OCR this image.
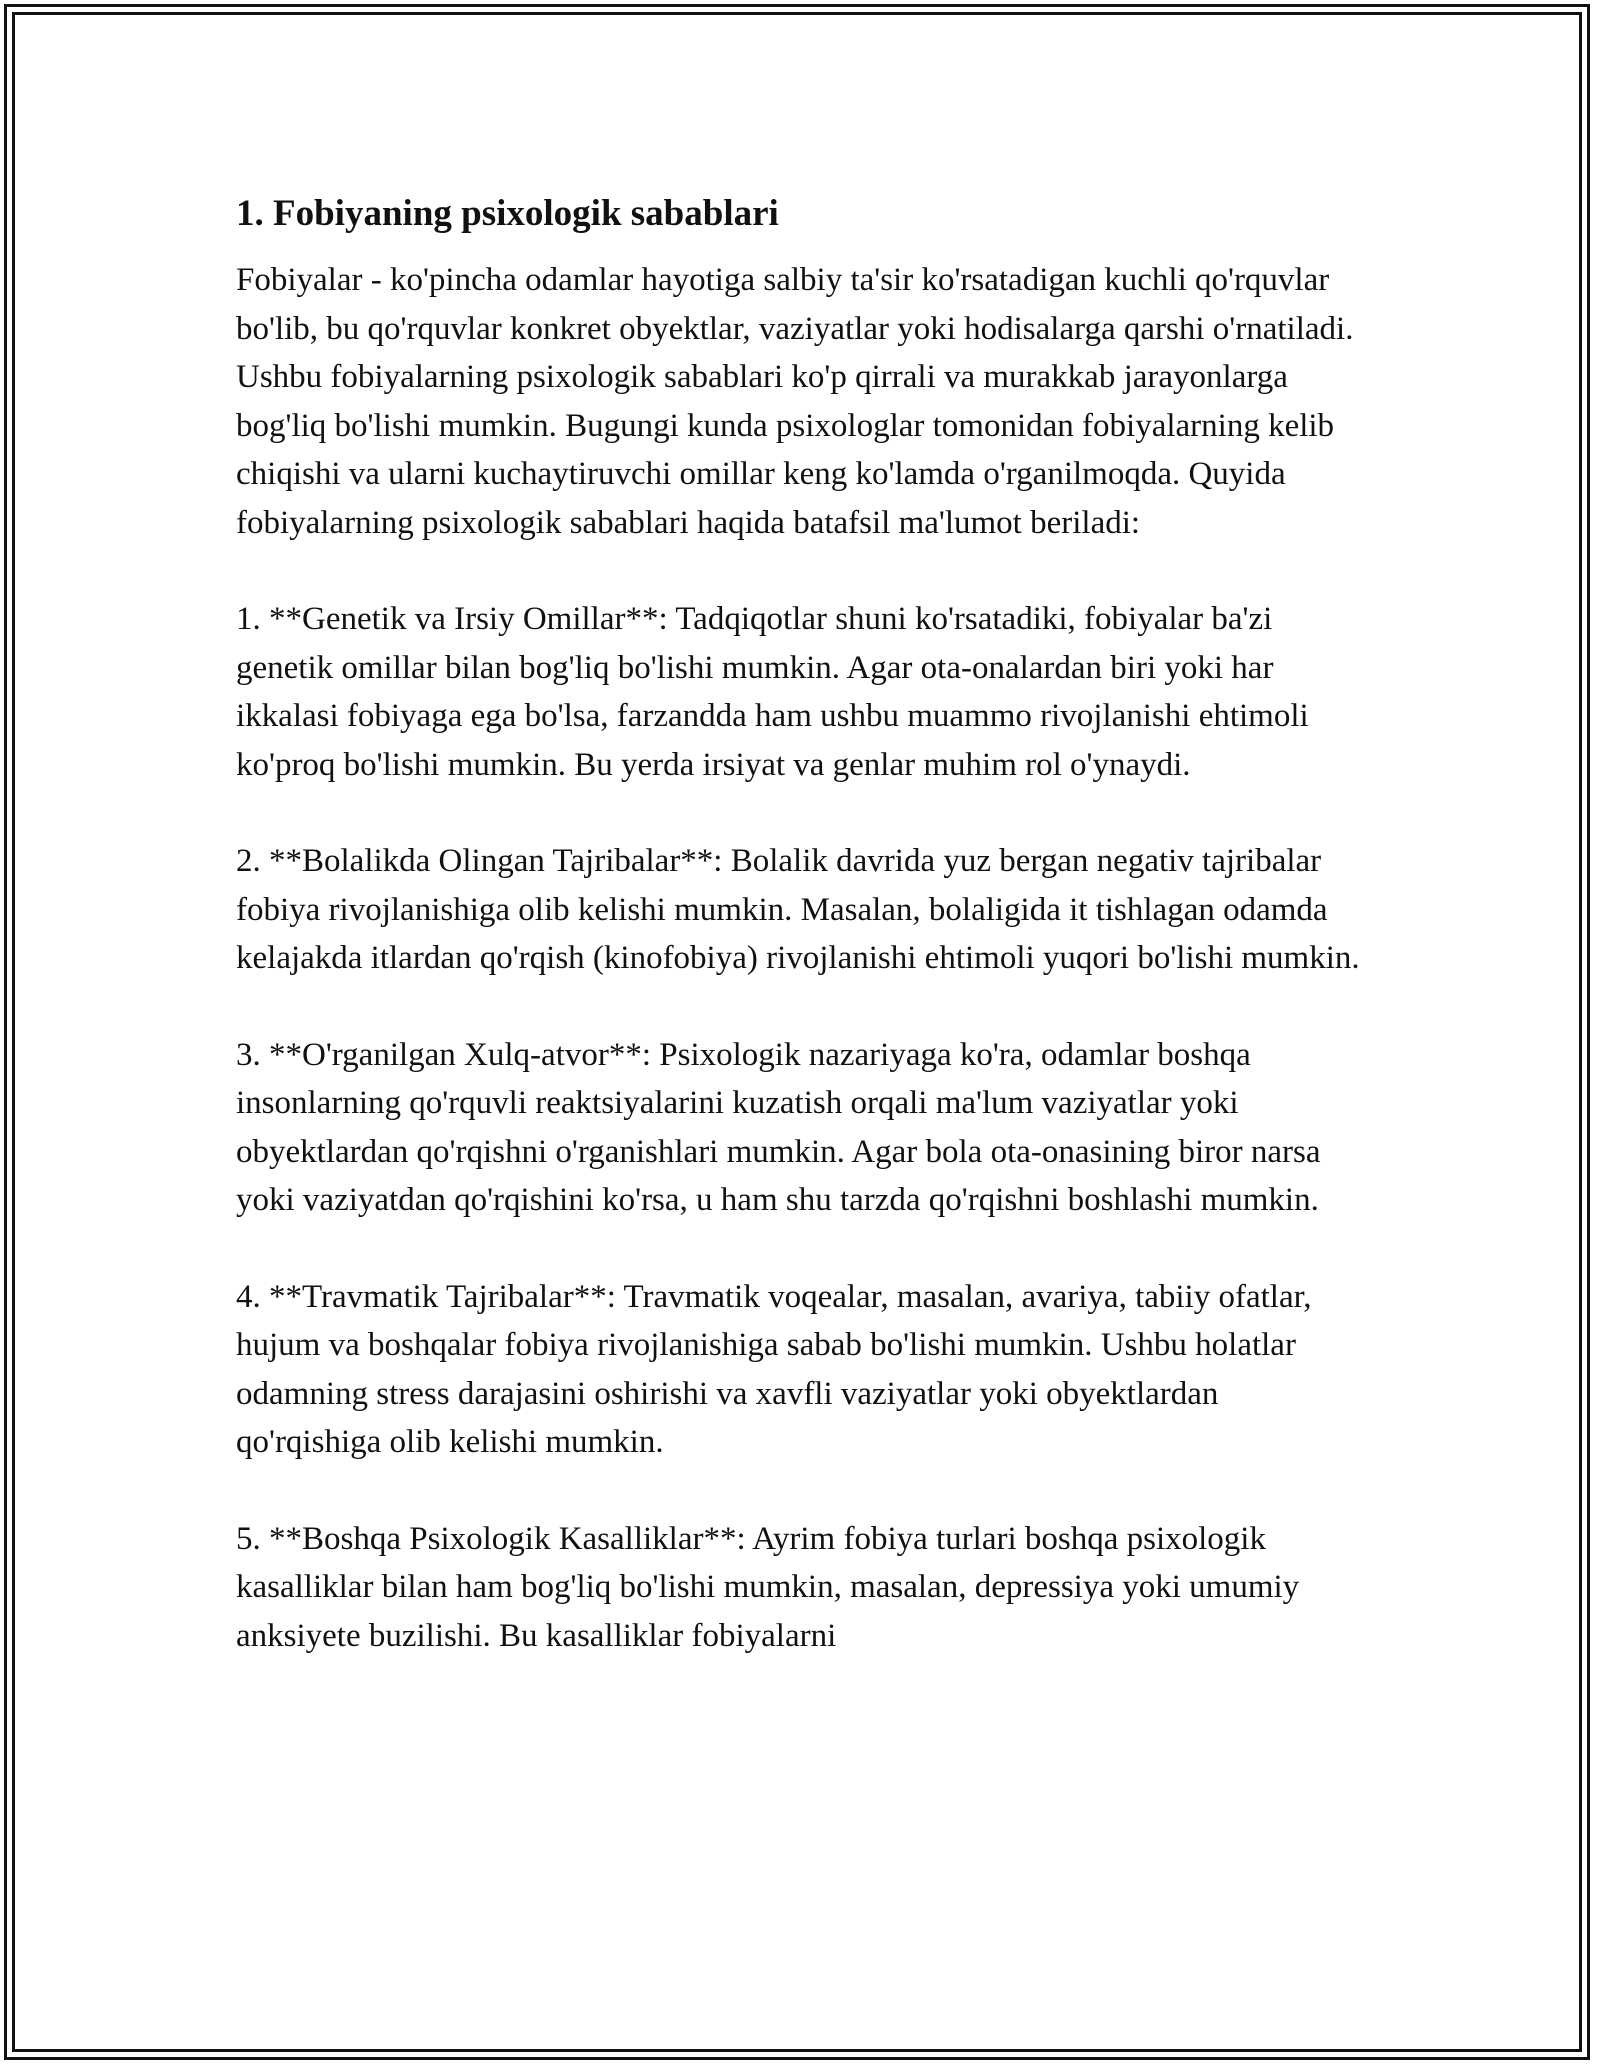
1. Fobiyaning psixologik sabablari

Fobiyalar - ko'pincha odamlar hayotiga salbiy ta'sir ko'rsatadigan kuchli qo'rquvlar bo'lib, bu qo'rquvlar konkret obyektlar, vaziyatlar yoki hodisalarga qarshi o'rnatiladi. Ushbu fobiyalarning psixologik sabablari ko'p qirrali va murakkab jarayonlarga bog'liq bo'lishi mumkin. Bugungi kunda psixologlar tomonidan fobiyalarning kelib chiqishi va ularni kuchaytiruvchi omillar keng ko'lamda o'rganilmoqda. Quyida fobiyalarning psixologik sabablari haqida batafsil ma'lumot beriladi:

1. **Genetik va Irsiy Omillar**: Tadqiqotlar shuni ko'rsatadiki, fobiyalar ba'zi genetik omillar bilan bog'liq bo'lishi mumkin. Agar ota-onalardan biri yoki har ikkalasi fobiyaga ega bo'lsa, farzandda ham ushbu muammo rivojlanishi ehtimoli ko'proq bo'lishi mumkin. Bu yerda irsiyat va genlar muhim rol o'ynaydi.

2. **Bolalikda Olingan Tajribalar**: Bolalik davrida yuz bergan negativ tajribalar fobiya rivojlanishiga olib kelishi mumkin. Masalan, bolaligida it tishlagan odamda kelajakda itlardan qo'rqish (kinofobiya) rivojlanishi ehtimoli yuqori bo'lishi mumkin.

3. **O'rganilgan Xulq-atvor**: Psixologik nazariyaga ko'ra, odamlar boshqa insonlarning qo'rquvli reaktsiyalarini kuzatish orqali ma'lum vaziyatlar yoki obyektlardan qo'rqishni o'rganishlari mumkin. Agar bola ota-onasining biror narsa yoki vaziyatdan qo'rqishini ko'rsa, u ham shu tarzda qo'rqishni boshlashi mumkin.

4. **Travmatik Tajribalar**: Travmatik voqealar, masalan, avariya, tabiiy ofatlar, hujum va boshqalar fobiya rivojlanishiga sabab bo'lishi mumkin. Ushbu holatlar odamning stress darajasini oshirishi va xavfli vaziyatlar yoki obyektlardan qo'rqishiga olib kelishi mumkin.

5. **Boshqa Psixologik Kasalliklar**: Ayrim fobiya turlari boshqa psixologik kasalliklar bilan ham bog'liq bo'lishi mumkin, masalan, depressiya yoki umumiy anksiyete buzilishi. Bu kasalliklar fobiyalarni
